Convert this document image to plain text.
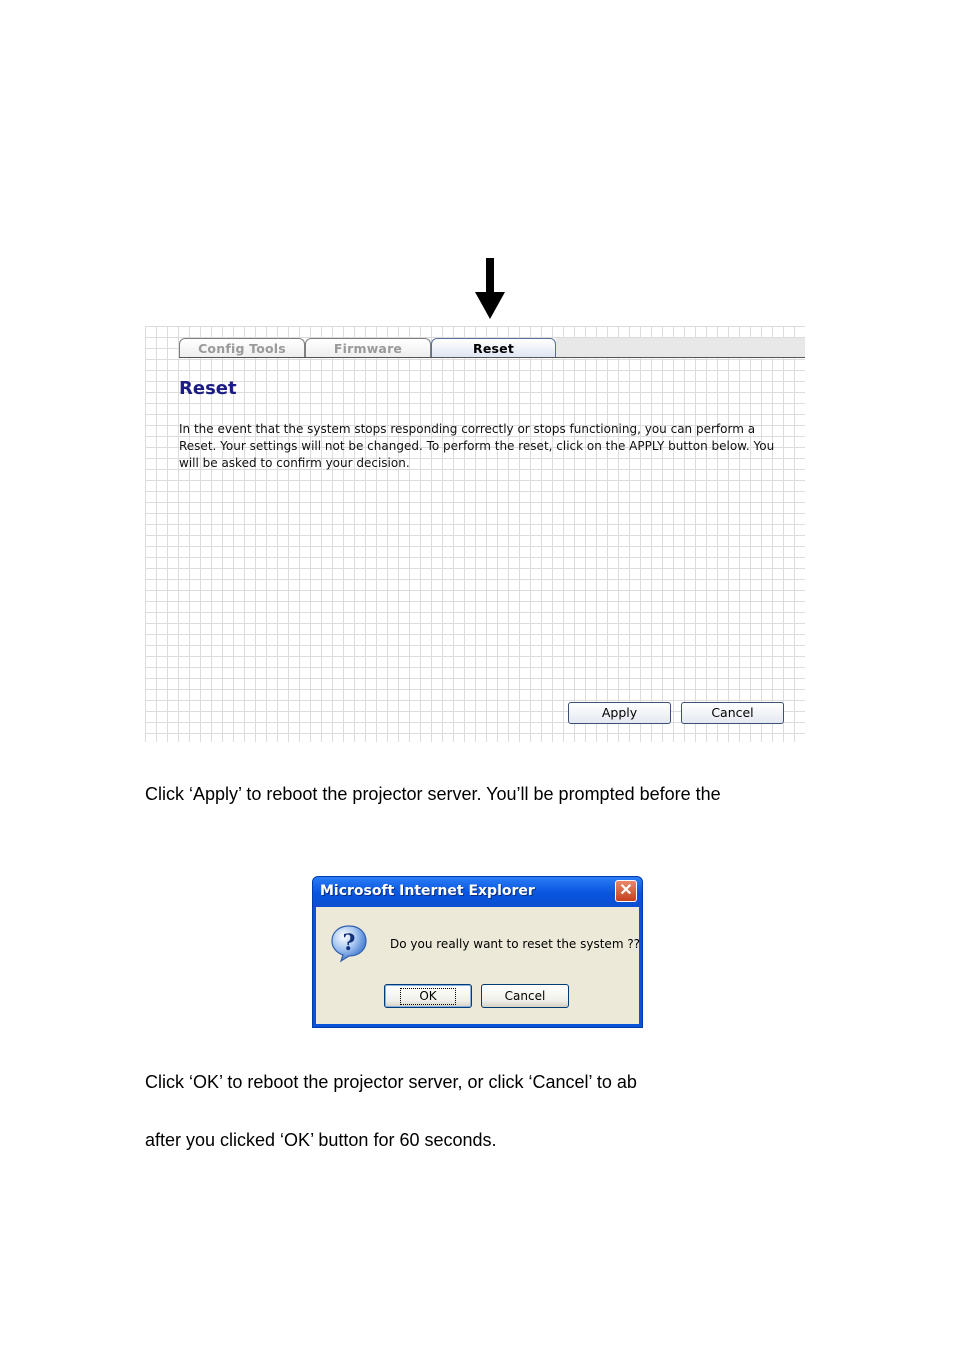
Config Tools	Firmware	Reset
Reset

In the event that the system stops responding correctly or stops functioning, you can perform a Reset. Your settings will not be changed. To perform the reset, click on the APPLY button below. You will be asked to confirm your decision.

Apply	Cancel

Click ‘Apply’ to reboot the projector server. You’ll be prompted before the

Microsoft Internet Explorer	✕
?	Do you really want to reset the system ??
OK	Cancel

Click ‘OK’ to reboot the projector server, or click ‘Cancel’ to ab

after you clicked ‘OK’ button for 60 seconds.
